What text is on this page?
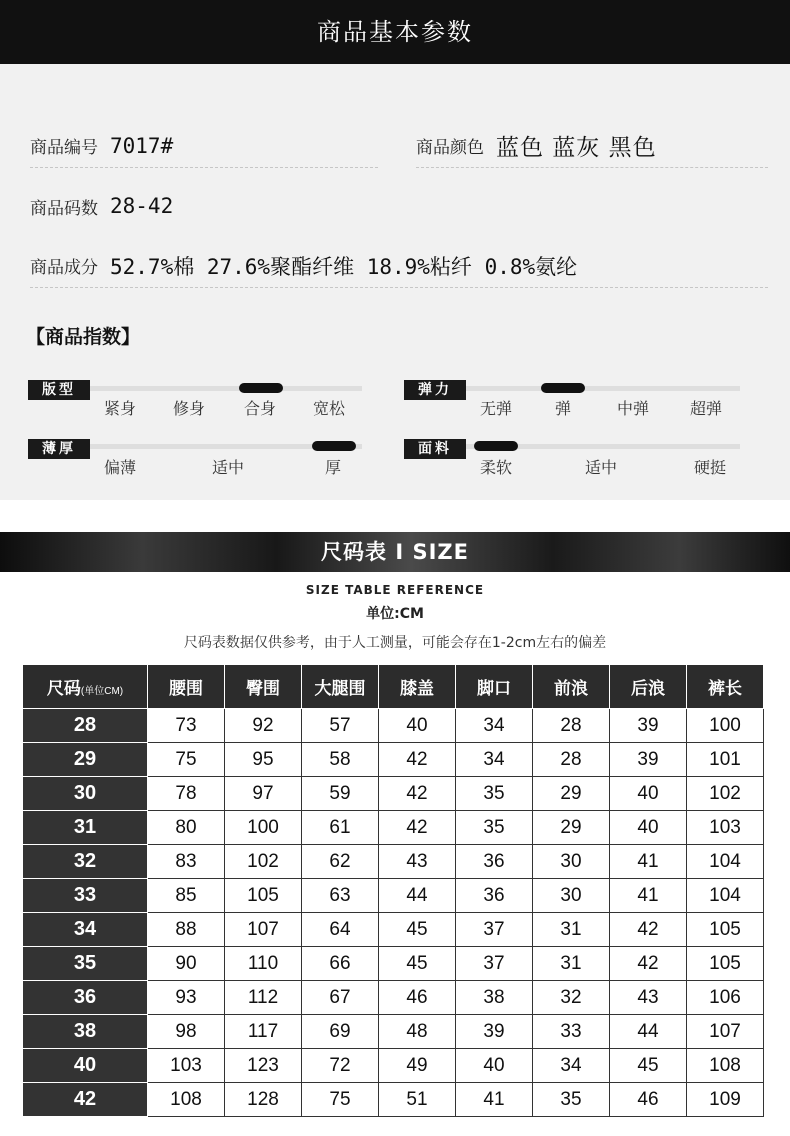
商品基本参数
商品编号 7017#	商品颜色 蓝色 蓝灰 黑色
商品码数 28-42
商品成分 52.7%棉 27.6%聚酯纤维 18.9%粘纤 0.8%氨纶
【商品指数】
版型
紧身 修身 合身 宽松
弹力
无弹	弹	中弹	超弹
薄厚
偏薄	适中	厚
面料
柔软	适中	硬挺
尺码表 I SIZE
SIZE TABLE REFERENCE
单位:CM
尺码表数据仅供参考，由于人工测量，可能会存在1-2cm左右的偏差
尺码(单位CM)	腰围	臀围	大腿围	膝盖	脚口	前浪	后浪	裤长
28	73	92	57	40	34	28	39	100
29	75	95	58	42	34	28	39	101
30	78	97	59	42	35	29	40	102
31	80	100	61	42	35	29	40	103
32	83	102	62	43	36	30	41	104
33	85	105	63	44	36	30	41	104
34	88	107	64	45	37	31	42	105
35	90	110	66	45	37	31	42	105
36	93	112	67	46	38	32	43	106
38	98	117	69	48	39	33	44	107
40	103	123	72	49	40	34	45	108
42	108	128	75	51	41	35	46	109
